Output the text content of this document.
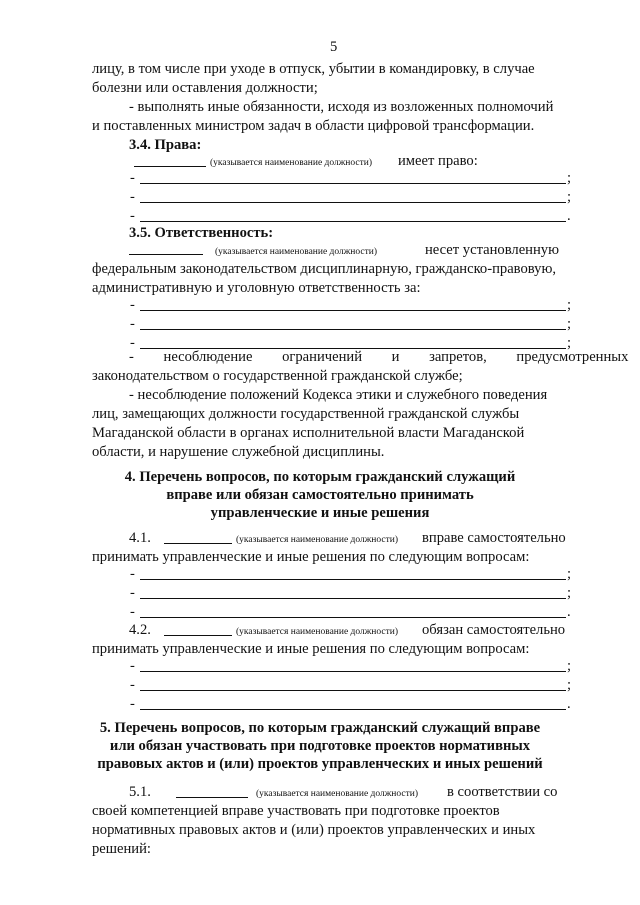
5
лицу, в том числе при уходе в отпуск, убытии в командировку, в случае
болезни или оставления должности;
- выполнять иные обязанности, исходя из возложенных полномочий
и поставленных министром задач в области цифровой трансформации.
3.4. Права:
(указывается наименование должности) имеет право:
-	;
-	;
-	.
3.5. Ответственность:
(указывается наименование должности)	несет установленную
федеральным законодательством дисциплинарную, гражданско-правовую,
административную и уголовную ответственность за:
-	;
-	;
-	;
- несоблюдение ограничений и запретов, предусмотренных
законодательством о государственной гражданской службе;
- несоблюдение положений Кодекса этики и служебного поведения
лиц, замещающих должности государственной гражданской службы
Магаданской области в органах исполнительной власти Магаданской
области, и нарушение служебной дисциплины.
4. Перечень вопросов, по которым гражданский служащий
вправе или обязан самостоятельно принимать
управленческие и иные решения
4.1.	(указывается наименование должности) вправе самостоятельно
принимать управленческие и иные решения по следующим вопросам:
-	;
-	;
-	.
4.2.	(указывается наименование должности) обязан самостоятельно
принимать управленческие и иные решения по следующим вопросам:
-	;
-	;
-	.
5. Перечень вопросов, по которым гражданский служащий вправе
или обязан участвовать при подготовке проектов нормативных
правовых актов и (или) проектов управленческих и иных решений
5.1.	(указывается наименование должности) в соответствии со
своей компетенцией вправе участвовать при подготовке проектов
нормативных правовых актов и (или) проектов управленческих и иных
решений:
